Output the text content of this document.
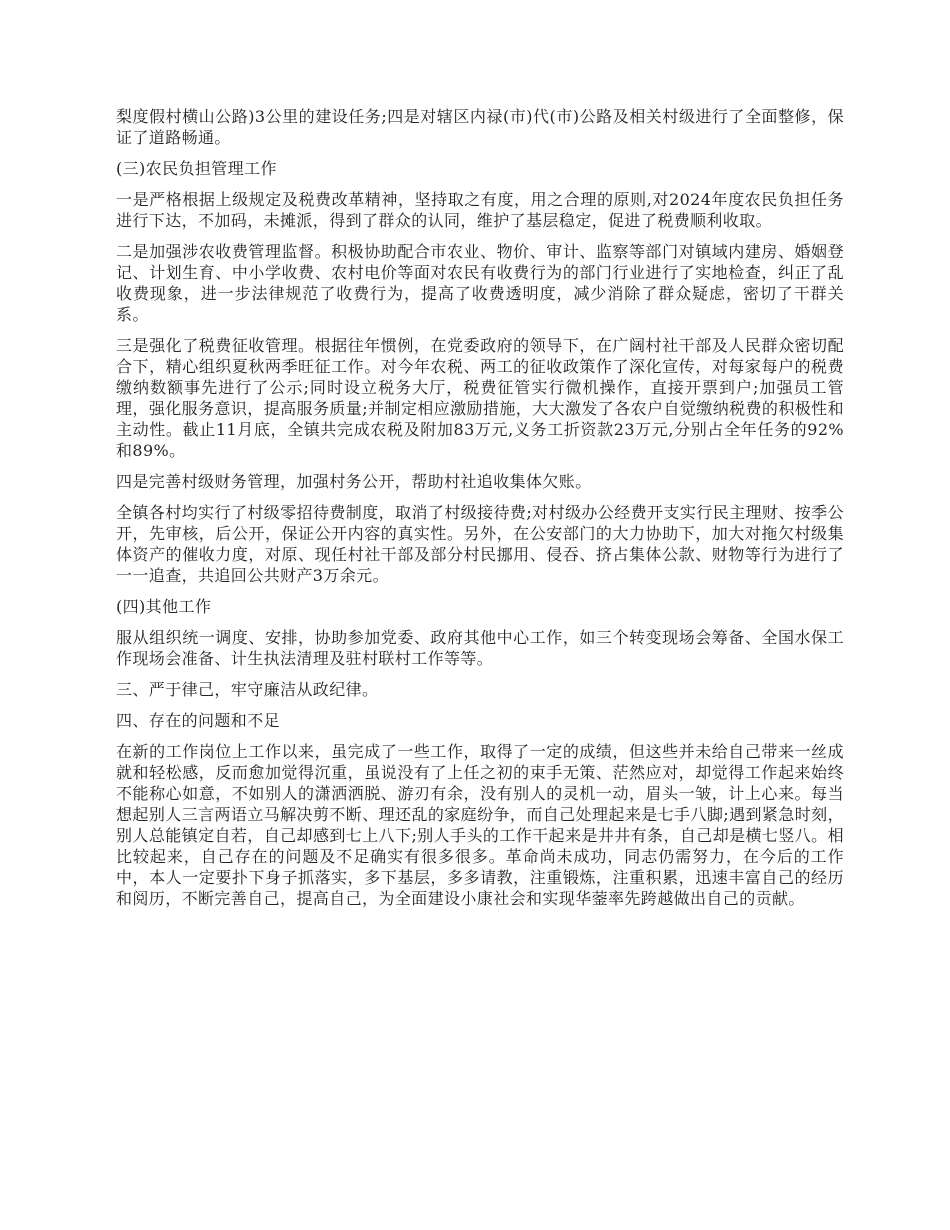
梨度假村横山公路)3公里的建设任务;四是对辖区内禄(市)代(市)公路及相关村级进行了全面整修，保证了道路畅通。

(三)农民负担管理工作

一是严格根据上级规定及税费改革精神，坚持取之有度，用之合理的原则,对2024年度农民负担任务进行下达，不加码，未摊派，得到了群众的认同，维护了基层稳定，促进了税费顺利收取。

二是加强涉农收费管理监督。积极协助配合市农业、物价、审计、监察等部门对镇域内建房、婚姻登记、计划生育、中小学收费、农村电价等面对农民有收费行为的部门行业进行了实地检查，纠正了乱收费现象，进一步法律规范了收费行为，提高了收费透明度，减少消除了群众疑虑，密切了干群关系。

三是强化了税费征收管理。根据往年惯例，在党委政府的领导下，在广阔村社干部及人民群众密切配合下，精心组织夏秋两季旺征工作。对今年农税、两工的征收政策作了深化宣传，对每家每户的税费缴纳数额事先进行了公示;同时设立税务大厅，税费征管实行微机操作，直接开票到户;加强员工管理，强化服务意识，提高服务质量;并制定相应激励措施，大大激发了各农户自觉缴纳税费的积极性和主动性。截止11月底，全镇共完成农税及附加83万元,义务工折资款23万元,分别占全年任务的92%和89%。

四是完善村级财务管理，加强村务公开，帮助村社追收集体欠账。

全镇各村均实行了村级零招待费制度，取消了村级接待费;对村级办公经费开支实行民主理财、按季公开，先审核，后公开，保证公开内容的真实性。另外，在公安部门的大力协助下，加大对拖欠村级集体资产的催收力度，对原、现任村社干部及部分村民挪用、侵吞、挤占集体公款、财物等行为进行了一一追查，共追回公共财产3万余元。

(四)其他工作

服从组织统一调度、安排，协助参加党委、政府其他中心工作，如三个转变现场会筹备、全国水保工作现场会准备、计生执法清理及驻村联村工作等等。

三、严于律己，牢守廉洁从政纪律。

四、存在的问题和不足

在新的工作岗位上工作以来，虽完成了一些工作，取得了一定的成绩，但这些并未给自己带来一丝成就和轻松感，反而愈加觉得沉重，虽说没有了上任之初的束手无策、茫然应对，却觉得工作起来始终不能称心如意，不如别人的潇洒洒脱、游刃有余，没有别人的灵机一动，眉头一皱，计上心来。每当想起别人三言两语立马解决剪不断、理还乱的家庭纷争，而自己处理起来是七手八脚;遇到紧急时刻，别人总能镇定自若，自己却感到七上八下;别人手头的工作干起来是井井有条，自己却是横七竖八。相比较起来，自己存在的问题及不足确实有很多很多。革命尚未成功，同志仍需努力，在今后的工作中，本人一定要扑下身子抓落实，多下基层，多多请教，注重锻炼，注重积累，迅速丰富自己的经历和阅历，不断完善自己，提高自己，为全面建设小康社会和实现华蓥率先跨越做出自己的贡献。
